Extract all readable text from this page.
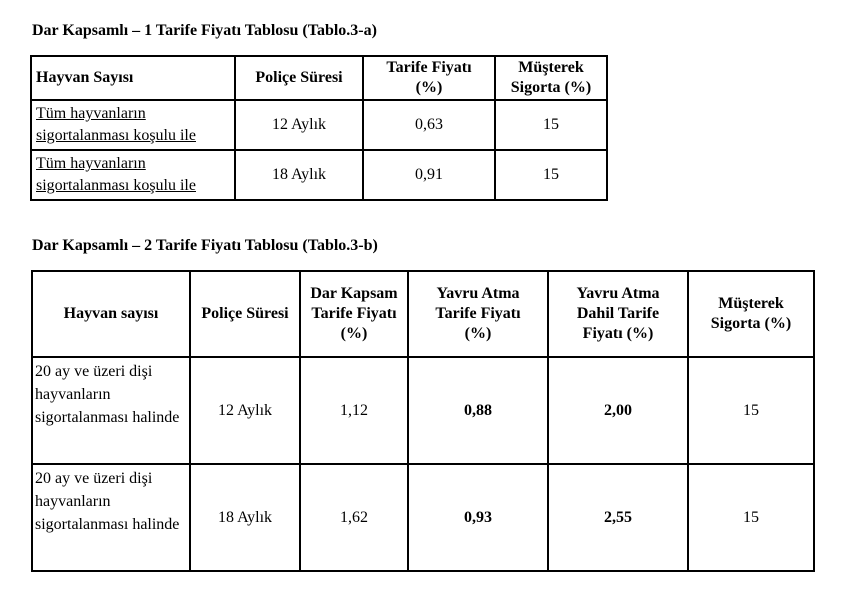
Dar Kapsamlı – 1 Tarife Fiyatı Tablosu (Tablo.3-a)
Hayvan Sayısı	Poliçe Süresi	Tarife Fiyatı (%)	Müşterek Sigorta (%)
Tüm hayvanların sigortalanması koşulu ile	12 Aylık	0,63	15
Tüm hayvanların sigortalanması koşulu ile	18 Aylık	0,91	15
Dar Kapsamlı – 2 Tarife Fiyatı Tablosu (Tablo.3-b)
Hayvan sayısı	Poliçe Süresi	Dar Kapsam Tarife Fiyatı (%)	Yavru Atma Tarife Fiyatı (%)	Yavru Atma Dahil Tarife Fiyatı (%)	Müşterek Sigorta (%)
20 ay ve üzeri dişi hayvanların sigortalanması halinde	12 Aylık	1,12	0,88	2,00	15
20 ay ve üzeri dişi hayvanların sigortalanması halinde	18 Aylık	1,62	0,93	2,55	15
